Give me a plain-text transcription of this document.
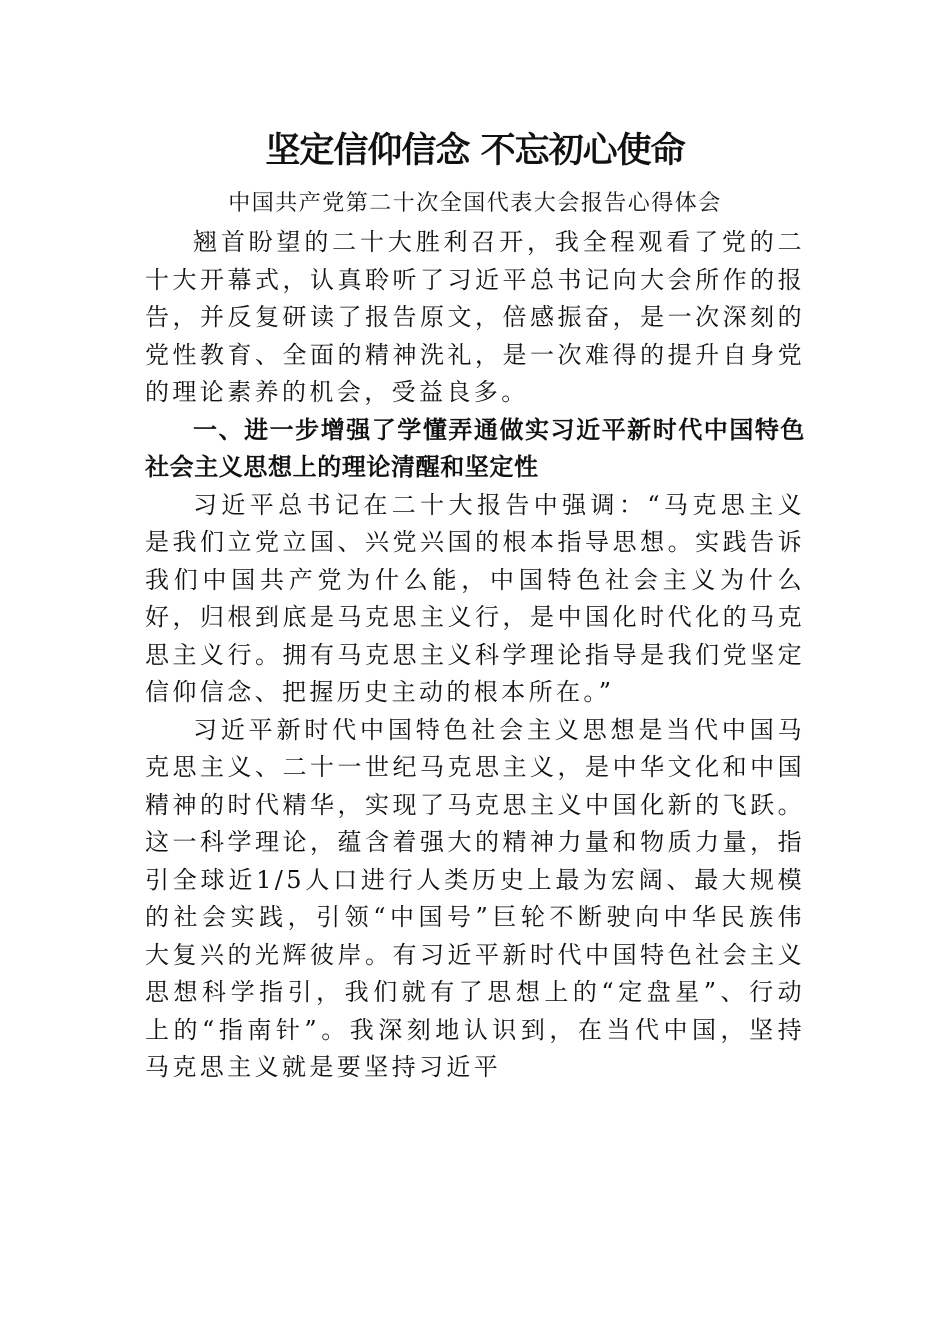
坚定信仰信念 不忘初心使命

中国共产党第二十次全国代表大会报告心得体会

翘首盼望的二十大胜利召开，我全程观看了党的二十大开幕式，认真聆听了习近平总书记向大会所作的报告，并反复研读了报告原文，倍感振奋，是一次深刻的党性教育、全面的精神洗礼，是一次难得的提升自身党的理论素养的机会，受益良多。

一、进一步增强了学懂弄通做实习近平新时代中国特色社会主义思想上的理论清醒和坚定性

习近平总书记在二十大报告中强调：“马克思主义是我们立党立国、兴党兴国的根本指导思想。实践告诉我们中国共产党为什么能，中国特色社会主义为什么好，归根到底是马克思主义行，是中国化时代化的马克思主义行。拥有马克思主义科学理论指导是我们党坚定信仰信念、把握历史主动的根本所在。”

习近平新时代中国特色社会主义思想是当代中国马克思主义、二十一世纪马克思主义，是中华文化和中国精神的时代精华，实现了马克思主义中国化新的飞跃。这一科学理论，蕴含着强大的精神力量和物质力量，指引全球近1/5人口进行人类历史上最为宏阔、最大规模的社会实践，引领“中国号”巨轮不断驶向中华民族伟大复兴的光辉彼岸。有习近平新时代中国特色社会主义思想科学指引，我们就有了思想上的“定盘星”、行动上的“指南针”。我深刻地认识到，在当代中国，坚持马克思主义就是要坚持习近平
